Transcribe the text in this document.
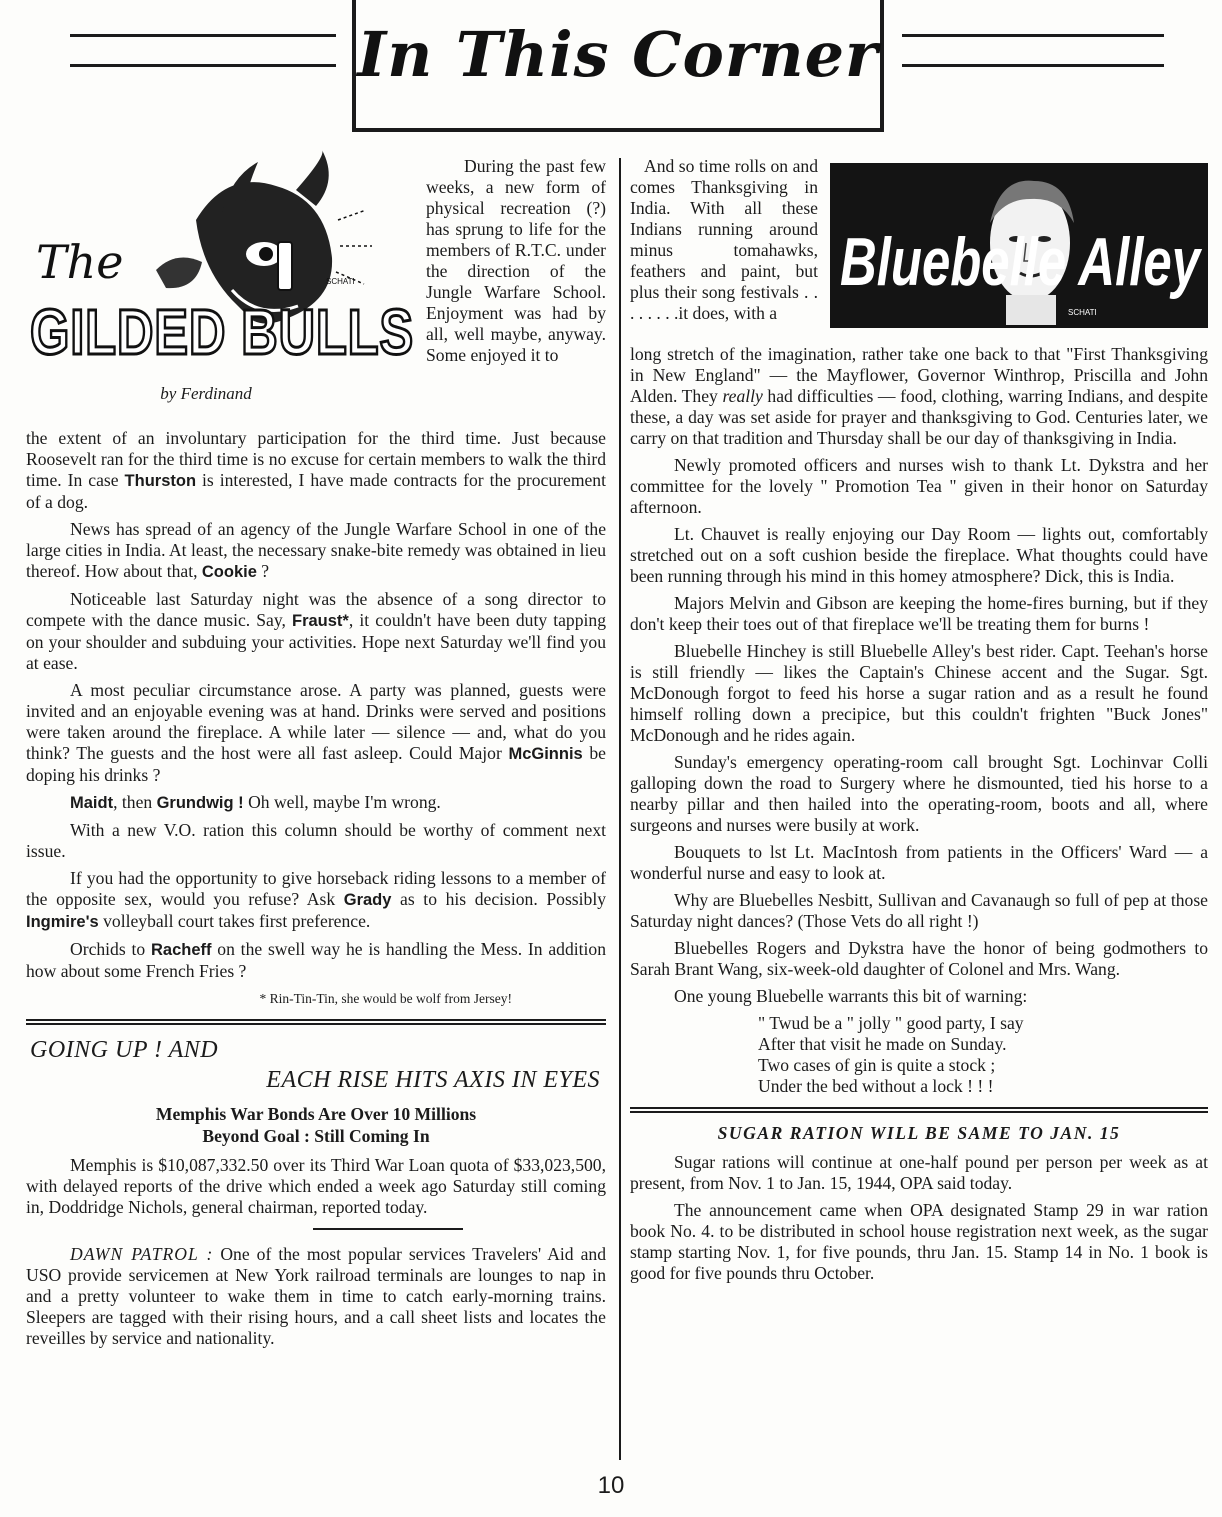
In This Corner
The
GILDED BULLS
SCHATI
by Ferdinand

During the past few weeks, a new form of physical recreation (?) has sprung to life for the members of R.T.C. under the direction of the Jungle Warfare School. Enjoyment was had by all, well maybe, anyway. Some enjoyed it to

the extent of an involuntary participation for the third time. Just because Roosevelt ran for the third time is no excuse for certain members to walk the third time. In case Thurston is interested, I have made contracts for the procurement of a dog.

News has spread of an agency of the Jungle Warfare School in one of the large cities in India. At least, the necessary snake-bite remedy was obtained in lieu thereof. How about that, Cookie ?

Noticeable last Saturday night was the absence of a song director to compete with the dance music. Say, Fraust*, it couldn't have been duty tapping on your shoulder and subduing your activities. Hope next Saturday we'll find you at ease.

A most peculiar circumstance arose. A party was planned, guests were invited and an enjoyable evening was at hand. Drinks were served and positions were taken around the fireplace. A while later — silence — and, what do you think? The guests and the host were all fast asleep. Could Major McGinnis be doping his drinks ?

Maidt, then Grundwig ! Oh well, maybe I'm wrong.

With a new V.O. ration this column should be worthy of comment next issue.

If you had the opportunity to give horseback riding lessons to a member of the opposite sex, would you refuse? Ask Grady as to his decision. Possibly Ingmire's volleyball court takes first preference.

Orchids to Racheff on the swell way he is handling the Mess. In addition how about some French Fries ?

* Rin-Tin-Tin, she would be wolf from Jersey!
GOING UP ! AND
EACH RISE HITS AXIS IN EYES
Memphis War Bonds Are Over 10 Millions
Beyond Goal : Still Coming In

Memphis is $10,087,332.50 over its Third War Loan quota of $33,023,500, with delayed reports of the drive which ended a week ago Saturday still coming in, Doddridge Nichols, general chairman, reported today.

DAWN PATROL : One of the most popular services Travelers' Aid and USO provide servicemen at New York railroad terminals are lounges to nap in and a pretty volunteer to wake them in time to catch early-morning trains. Sleepers are tagged with their rising hours, and a call sheet lists and locates the reveilles by service and nationality.

And so time rolls on and comes Thanksgiving in India. With all these Indians running around minus tomahawks, feathers and paint, but plus their song festivals . . . . . . . .it does, with a

Bluebelle Alley
SCHATI

long stretch of the imagination, rather take one back to that "First Thanksgiving in New England" — the Mayflower, Governor Winthrop, Priscilla and John Alden. They really had difficulties — food, clothing, warring Indians, and despite these, a day was set aside for prayer and thanksgiving to God. Centuries later, we carry on that tradition and Thursday shall be our day of thanksgiving in India.

Newly promoted officers and nurses wish to thank Lt. Dykstra and her committee for the lovely " Promotion Tea " given in their honor on Saturday afternoon.

Lt. Chauvet is really enjoying our Day Room — lights out, comfortably stretched out on a soft cushion beside the fireplace. What thoughts could have been running through his mind in this homey atmosphere? Dick, this is India.

Majors Melvin and Gibson are keeping the home-fires burning, but if they don't keep their toes out of that fireplace we'll be treating them for burns !

Bluebelle Hinchey is still Bluebelle Alley's best rider. Capt. Teehan's horse is still friendly — likes the Captain's Chinese accent and the Sugar. Sgt. McDonough forgot to feed his horse a sugar ration and as a result he found himself rolling down a precipice, but this couldn't frighten "Buck Jones" McDonough and he rides again.

Sunday's emergency operating-room call brought Sgt. Lochinvar Colli galloping down the road to Surgery where he dismounted, tied his horse to a nearby pillar and then hailed into the operating-room, boots and all, where surgeons and nurses were busily at work.

Bouquets to lst Lt. MacIntosh from patients in the Officers' Ward — a wonderful nurse and easy to look at.

Why are Bluebelles Nesbitt, Sullivan and Cavanaugh so full of pep at those Saturday night dances? (Those Vets do all right !)

Bluebelles Rogers and Dykstra have the honor of being godmothers to Sarah Brant Wang, six-week-old daughter of Colonel and Mrs. Wang.

One young Bluebelle warrants this bit of warning:

" Twud be a " jolly " good party, I say
After that visit he made on Sunday.
Two cases of gin is quite a stock ;
Under the bed without a lock ! ! !
SUGAR RATION WILL BE SAME TO JAN. 15

Sugar rations will continue at one-half pound per person per week as at present, from Nov. 1 to Jan. 15, 1944, OPA said today.

The announcement came when OPA designated Stamp 29 in war ration book No. 4. to be distributed in school house registration next week, as the sugar stamp starting Nov. 1, for five pounds, thru Jan. 15. Stamp 14 in No. 1 book is good for five pounds thru October.

10
